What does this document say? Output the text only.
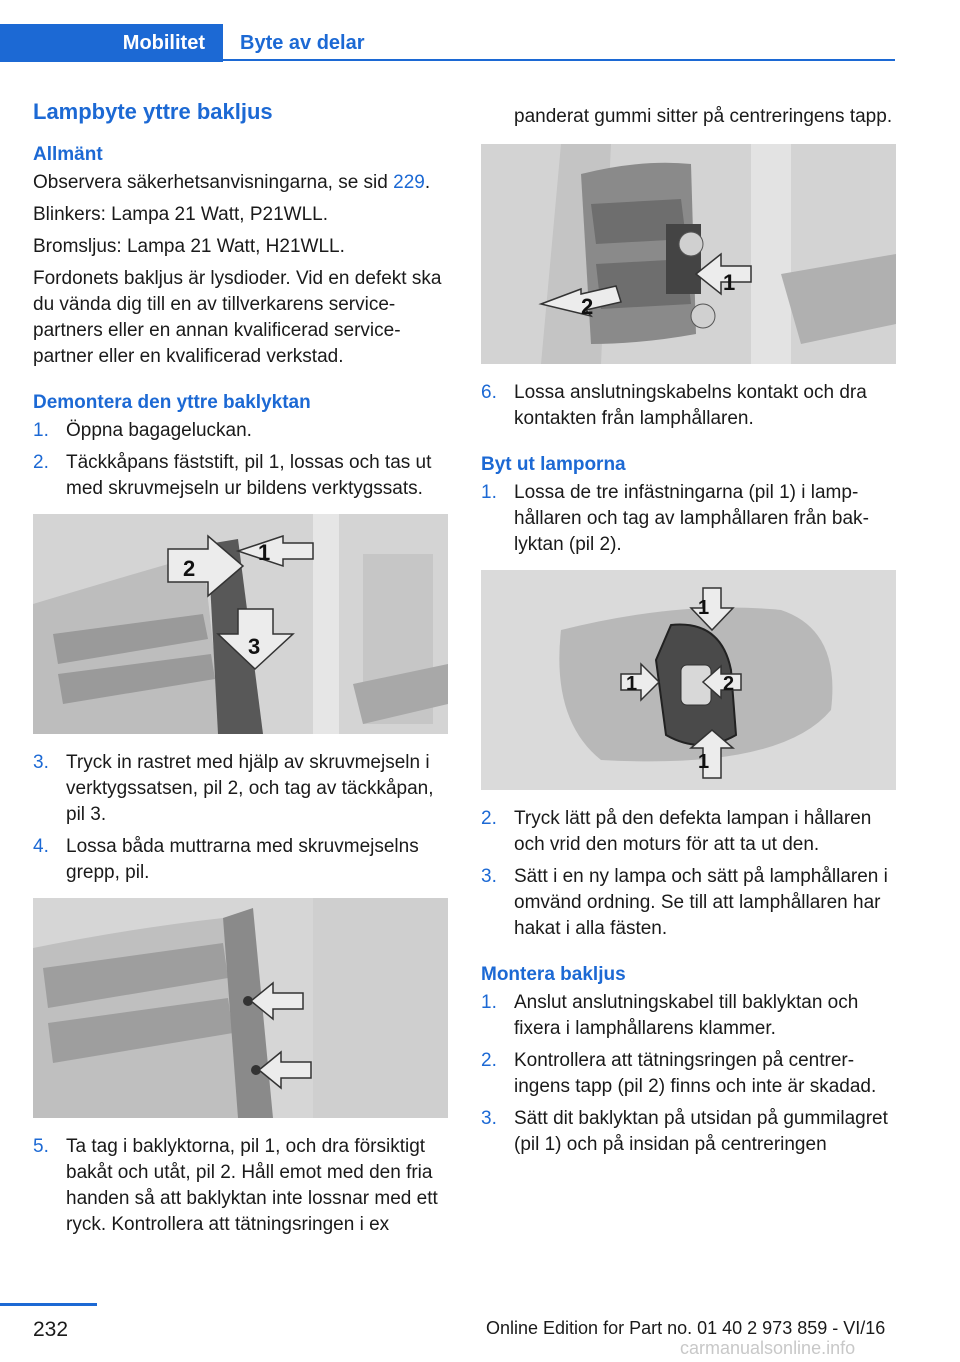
Mobilitet	Byte av delar
Lampbyte yttre bakljus
Allmänt

Observera säkerhetsanvisningarna, se sid 229.

Blinkers: Lampa 21 Watt, P21WLL.

Bromsljus: Lampa 21 Watt, H21WLL.

Fordonets bakljus är lysdioder. Vid en defekt ska du vända dig till en av tillverkarens servicepartners eller en annan kvalificerad servicepartner eller en kvalificerad verkstad.

Demontera den yttre baklyktan
1. Öppna bagageluckan.
2. Täckkåpans fäststift, pil 1, lossas och tas ut med skruvmejseln ur bildens verktygssats.
2
1
3
3. Tryck in rastret med hjälp av skruvmejseln i verktygssatsen, pil 2, och tag av täckkåpan, pil 3.
4. Lossa båda muttrarna med skruvmejselns grepp, pil.
5. Ta tag i baklyktorna, pil 1, och dra försiktigt bakåt och utåt, pil 2. Håll emot med den fria handen så att baklyktan inte lossnar med ett ryck. Kontrollera att tätningsringen i ex

panderat gummi sitter på centreringens tapp.

1
2
6. Lossa anslutningskabelns kontakt och dra kontakten från lamphållaren.
Byt ut lamporna
1. Lossa de tre infästningarna (pil 1) i lamphållaren och tag av lamphållaren från baklyktan (pil 2).
1
1	2
1
2. Tryck lätt på den defekta lampan i hållaren och vrid den moturs för att ta ut den.
3. Sätt i en ny lampa och sätt på lamphållaren i omvänd ordning. Se till att lamphållaren har hakat i alla fästen.
Montera bakljus
1. Anslut anslutningskabel till baklyktan och fixera i lamphållarens klammer.
2. Kontrollera att tätningsringen på centreringens tapp (pil 2) finns och inte är skadad.
3. Sätt dit baklyktan på utsidan på gummilagret (pil 1) och på insidan på centreringen
232	Online Edition for Part no. 01 40 2 973 859 - VI/16
carmanualsonline.info
